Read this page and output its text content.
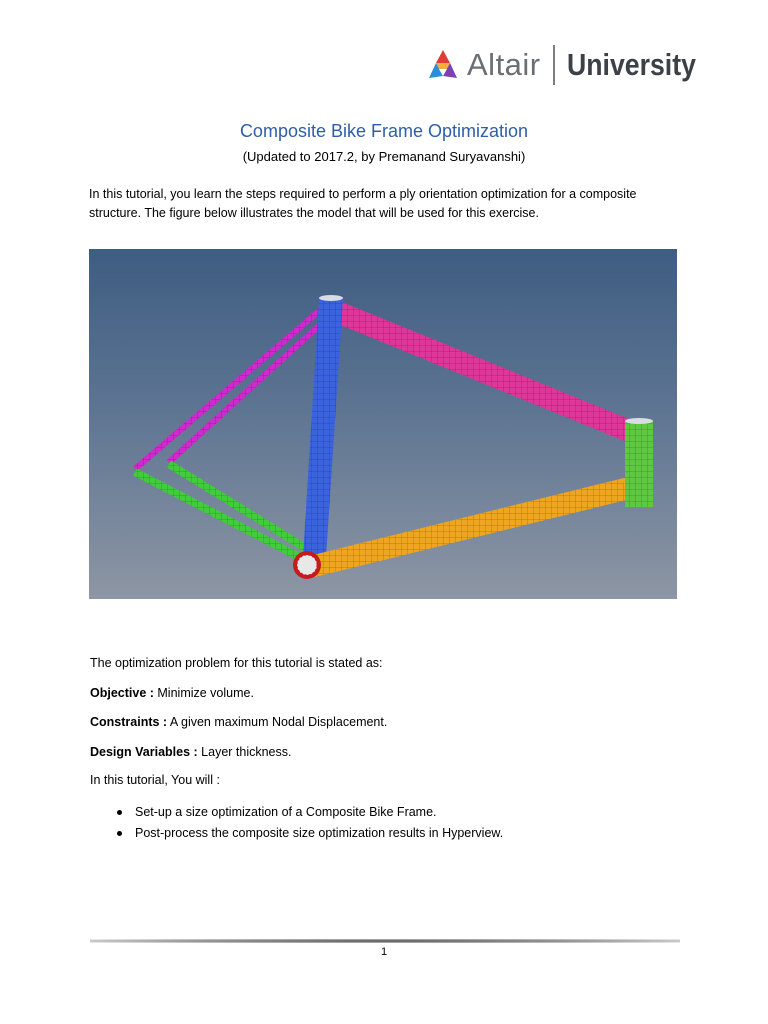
Altair University
Composite Bike Frame Optimization
(Updated to 2017.2, by Premanand Suryavanshi)
In this tutorial, you learn the steps required to perform a ply orientation optimization for a composite structure. The figure below illustrates the model that will be used for this exercise.
The optimization problem for this tutorial is stated as:
Objective : Minimize volume.
Constraints : A given maximum Nodal Displacement.
Design Variables : Layer thickness.
In this tutorial, You will :
Set-up a size optimization of a Composite Bike Frame.
Post-process the composite size optimization results in Hyperview.
1
